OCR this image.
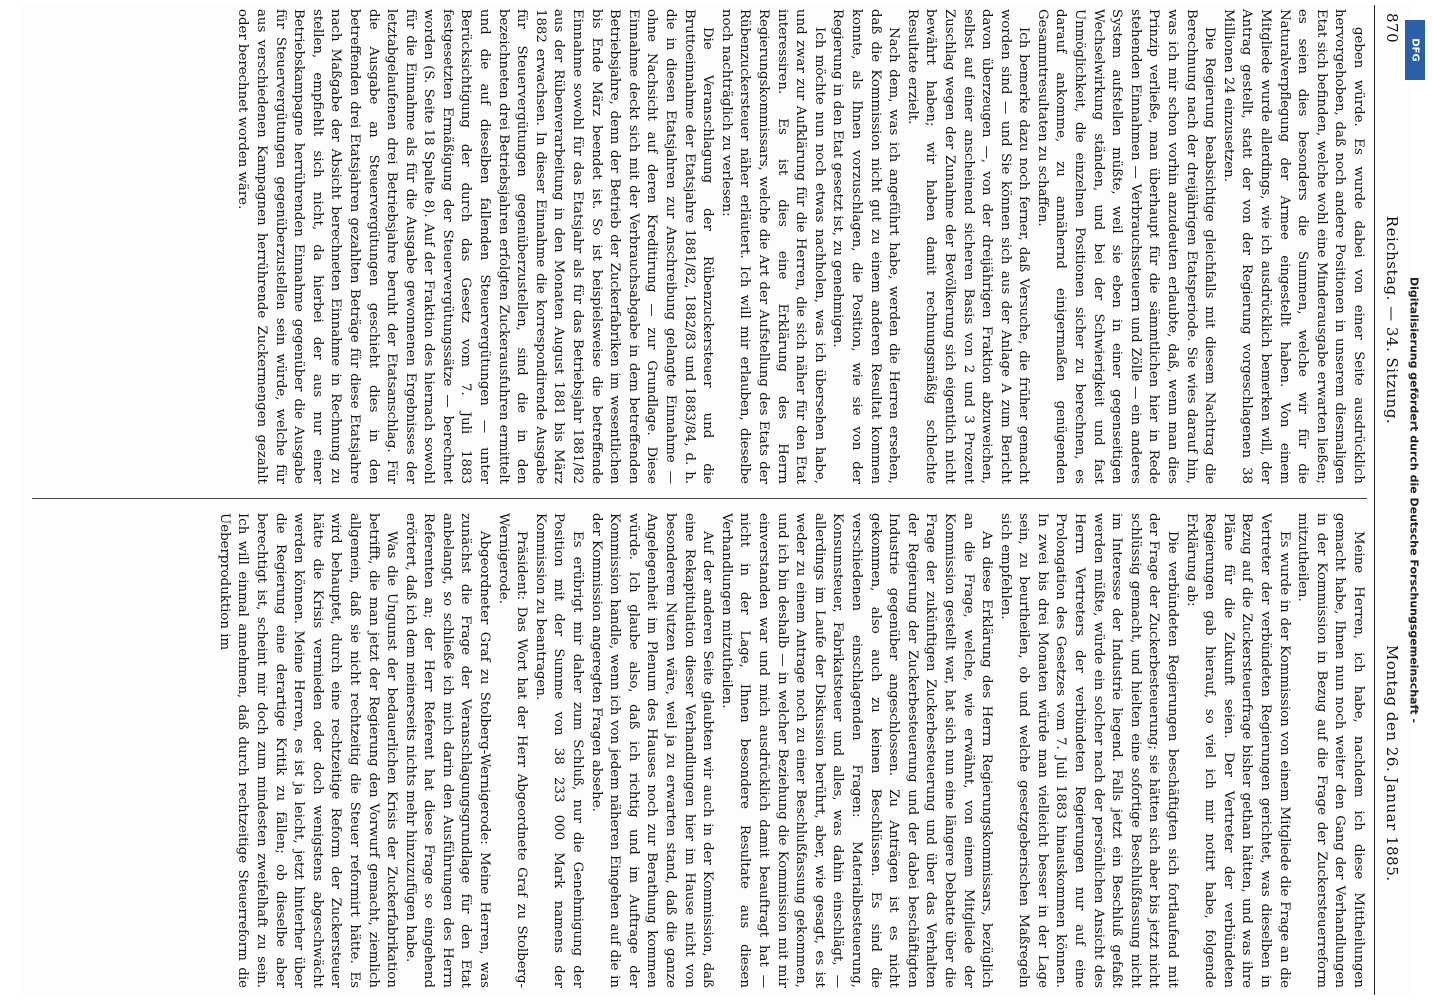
870
Reichstag. — 34. Sitzung.
Montag den 26. Januar 1885.

geben würde. Es wurde dabei von einer Seite ausdrücklich hervorgehoben, daß noch andere Positionen in unserem diesmaligen Etat sich befinden, welche wohl eine Minderausgabe erwarten ließen; es seien dies besonders die Summen, welche wir für die Naturalverpflegung der Armee eingestellt haben. Von einem Mitgliede wurde allerdings, wie ich ausdrücklich bemerken will, der Antrag gestellt, statt der von der Regierung vorgeschlagenen 38 Millionen 24 einzusetzen.

Die Regierung beabsichtige gleichfalls mit diesem Nachtrag die Berechnung nach der dreijährigen Etatsperiode. Sie wies darauf hin, was ich mir schon vorhin anzudeuten erlaubte, daß, wenn man dies Prinzip verließe, man überhaupt für die sämmtlichen hier in Rede stehenden Einnahmen — Verbrauchssteuern und Zölle — ein anderes System aufstellen müßte, weil sie eben in einer gegenseitigen Wechselwirkung ständen, und bei der Schwierigkeit und fast Unmöglichkeit, die einzelnen Positionen sicher zu berechnen, es darauf ankomme, zu annähernd einigermaßen genügenden Gesammtresultaten zu schaffen.

Ich bemerke dazu noch ferner, daß Versuche, die früher gemacht worden sind — und Sie können sich aus der Anlage A zum Bericht davon überzeugen —, von der dreijährigen Fraktion abzuweichen, selbst auf einer anscheinend sicheren Basis von 2 und 3 Prozent Zuschlag wegen der Zunahme der Bevölkerung sich eigentlich nicht bewährt haben; wir haben damit rechnungsmäßig schlechte Resultate erzielt.

Nach dem, was ich angeführt habe, werden die Herren ersehen, daß die Kommission nicht gut zu einem anderen Resultat kommen konnte, als Ihnen vorzuschlagen, die Position, wie sie von der Regierung in den Etat gesetzt ist, zu genehmigen.

Ich möchte nun noch etwas nachholen, was ich übersehen habe, und zwar zur Aufklärung für die Herren, die sich näher für den Etat interessiren. Es ist dies eine Erklärung des Herrn Regierungskommissars, welche die Art der Aufstellung des Etats der Rübenzuckersteuer näher erläutert. Ich will mir erlauben, dieselbe noch nachträglich zu verlesen:

Die Veranschlagung der Rübenzuckersteuer und die Bruttoeinnahme der Etatsjahre 1881/82, 1882/83 und 1883/84, d. h. die in diesen Etatsjahren zur Anschreibung gelangte Einnahme — ohne Nachsicht auf deren Kreditirung — zur Grundlage. Diese Einnahme deckt sich mit der Verbrauchsabgabe in dem betreffenden Betriebsjahre, denn der Betrieb der Zuckerfabriken im wesentlichen bis Ende März beendet ist. So ist beispielsweise die betreffende Einnahme sowohl für das Etatsjahr als für das Betriebsjahr 1881/82 aus der Rübenverarbeitung in den Monaten August 1881 bis März 1882 erwachsen. In dieser Einnahme die korrespondirende Ausgabe für Steuervergütungen gegenüberzustellen, sind die in den bezeichneten drei Betriebsjahren erfolgten Zuckerausfuhren ermittelt und die auf dieselben fallenden Steuervergütungen — unter Berücksichtigung der durch das Gesetz vom 7. Juli 1883 festgesetzten Ermäßigung der Steuervergütungssätze — berechnet worden (S. Seite 18 Spalte 8). Auf der Fraktion des hiernach sowohl für die Einnahme als für die Ausgabe gewonnenen Ergebnisses der letztabgelaufenen drei Betriebsjahre beruht der Etatsanschlag. Für die Ausgabe an Steuervergütungen geschieht dies in den betreffenden drei Etatsjahren gezahlten Beträge für diese Etatsjahre nach Maßgabe der Absicht berechneten Einnahme in Rechnung zu stellen, empfiehlt sich nicht, da hierbei der aus nur einer Betriebskampagne herrührenden Einnahme gegenüber die Ausgabe für Steuervergütungen gegenüberzustellen sein würde, welche für aus verschiedenen Kampagnen herrührende Zuckermengen gezahlt oder berechnet worden wäre.

Meine Herren, ich habe, nachdem ich diese Mittheilungen gemacht habe, Ihnen nun noch weiter den Gang der Verhandlungen in der Kommission in Bezug auf die Frage der Zuckersteuerreform mitzutheilen.

Es wurde in der Kommission von einem Mitgliede die Frage an die Vertreter der verbündeten Regierungen gerichtet, was dieselben in Bezug auf die Zuckersteuerfrage bisher gethan hätten, und was ihre Pläne für die Zukunft seien. Der Vertreter der verbündeten Regierungen gab hierauf, so viel ich mir notirt habe, folgende Erklärung ab:

Die verbündeten Regierungen beschäftigten sich fortlaufend mit der Frage der Zuckerbesteuerung; sie hätten sich aber bis jetzt nicht schlüssig gemacht, und hielten eine sofortige Beschlußfassung nicht im Interesse der Industrie liegend. Falls jetzt ein Beschluß gefaßt werden müßte, würde ein solcher nach der persönlichen Ansicht des Herrn Vertreters der verbündeten Regierungen nur auf eine Prolongation des Gesetzes vom 7. Juli 1883 hinauskommen können. In zwei bis drei Monaten würde man vielleicht besser in der Lage sein, zu beurtheilen, ob und welche gesetzgeberischen Maßregeln sich empfehlen.

An diese Erklärung des Herrn Regierungskommissars, bezüglich an die Frage, welche, wie erwähnt, von einem Mitgliede der Kommission gestellt war, hat sich nun eine längere Debatte über die Frage der zukünftigen Zuckerbesteuerung und über das Verhalten der Regierung der Zuckerbesteuerung und der dabei beschäftigten Industrie gegenüber angeschlossen. Zu Anträgen ist es nicht gekommen, also auch zu keinen Beschlüssen. Es sind die verschiedenen einschlagenden Fragen: Materialbesteuerung, Konsumsteuer, Fabrikatsteuer und alles, was dahin einschlägt, — allerdings im Laufe der Diskussion berührt, aber, wie gesagt, es ist weder zu einem Antrage noch zu einer Beschlußfassung gekommen, und ich bin deshalb — in welcher Beziehung die Kommission mit mir einverstanden war und mich ausdrücklich damit beauftragt hat — nicht in der Lage, Ihnen besondere Resultate aus diesen Verhandlungen mitzutheilen.

Auf der anderen Seite glaubten wir auch in der Kommission, daß eine Rekapitulation dieser Verhandlungen hier im Hause nicht von besonderem Nutzen wäre, weil ja zu erwarten stand, daß die ganze Angelegenheit im Plenum des Hauses noch zur Berathung kommen würde. Ich glaube also, daß ich richtig und im Auftrage der Kommission handle, wenn ich von jedem näheren Eingehen auf die in der Kommission angeregten Fragen absehe.

Es erübrigt mir daher zum Schluß, nur die Genehmigung der Position mit der Summe von 38 233 000 Mark namens der Kommission zu beantragen.

Präsident: Das Wort hat der Herr Abgeordnete Graf zu Stolberg-Wernigerode.

Abgeordneter Graf zu Stolberg-Wernigerode: Meine Herren, was zunächst die Frage der Veranschlagungsgrundlage für den Etat anbelangt, so schließe ich mich darin den Ausführungen des Herrn Referenten an; der Herr Referent hat diese Frage so eingehend erörtert, daß ich dem meinerseits nichts mehr hinzuzufügen habe.

Was die Ungunst der bedauerlichen Krisis der Zuckerfabrikation betrifft, die man jetzt der Regierung den Vorwurf gemacht, ziemlich allgemein, daß sie nicht rechtzeitig die Steuer reformirt hätte. Es wird behauptet, durch eine rechtzeitige Reform der Zuckersteuer hätte die Krisis vermieden oder doch wenigstens abgeschwächt werden können. Meine Herren, es ist ja leicht, jetzt hinterher über die Regierung eine derartige Kritik zu fällen; ob dieselbe aber berechtigt ist, scheint mir doch zum mindesten zweifelhaft zu sein. Ich will einmal annehmen, daß durch rechtzeitige Steuerreform die Ueberproduktion im

DFG
Digitalisierung gefördert durch die Deutsche Forschungsgemeinschaft -
